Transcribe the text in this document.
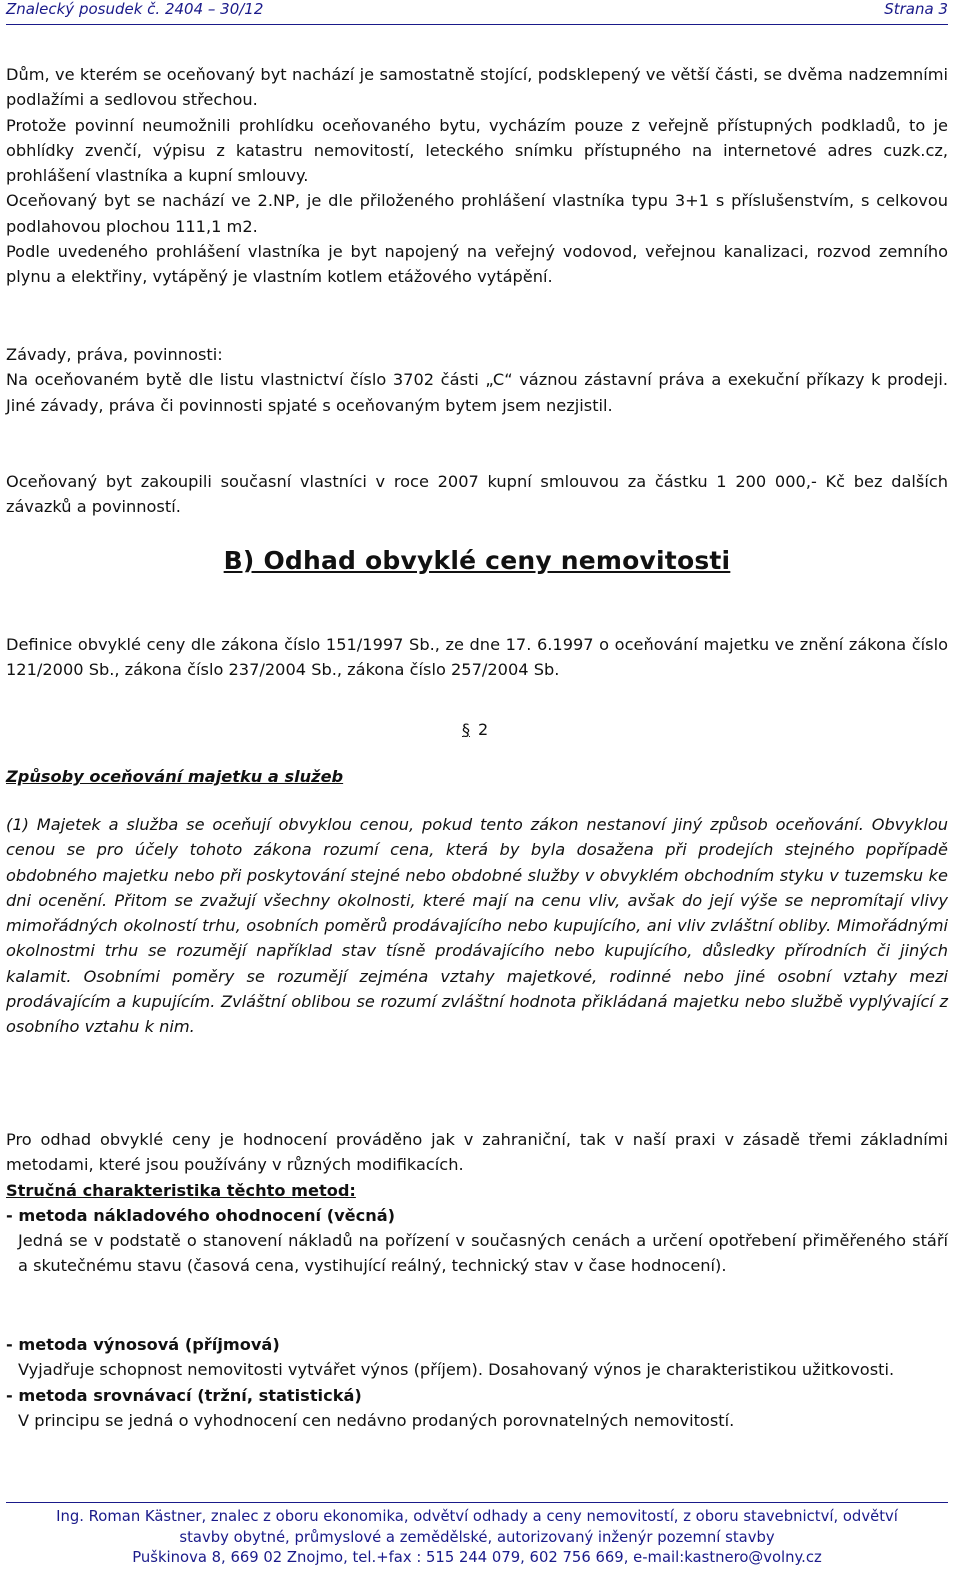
Znalecký posudek č. 2404 – 30/12	Strana 3

Dům, ve kterém se oceňovaný byt nachází je samostatně stojící, podsklepený ve větší části, se dvěma nadzemními podlažími a sedlovou střechou.

Protože povinní neumožnili prohlídku oceňovaného bytu, vycházím pouze z veřejně přístupných podkladů, to je obhlídky zvenčí, výpisu z katastru nemovitostí, leteckého snímku přístupného na internetové adres cuzk.cz, prohlášení vlastníka a kupní smlouvy.

Oceňovaný byt se nachází ve 2.NP, je dle přiloženého prohlášení vlastníka typu 3+1 s příslušenstvím, s celkovou podlahovou plochou 111,1 m2.

Podle uvedeného prohlášení vlastníka je byt napojený na veřejný vodovod, veřejnou kanalizaci, rozvod zemního plynu a elektřiny, vytápěný je vlastním kotlem etážového vytápění.

Závady, práva, povinnosti:

Na oceňovaném bytě dle listu vlastnictví číslo 3702 části „C“ váznou zástavní práva a exekuční příkazy k prodeji. Jiné závady, práva či povinnosti spjaté s oceňovaným bytem jsem nezjistil.

Oceňovaný byt zakoupili současní vlastníci v roce 2007 kupní smlouvou za částku 1 200 000,- Kč bez dalších závazků a povinností.

B) Odhad obvyklé ceny nemovitosti

Definice obvyklé ceny dle zákona číslo 151/1997 Sb., ze dne 17. 6.1997 o oceňování majetku ve znění zákona číslo 121/2000 Sb., zákona číslo 237/2004 Sb., zákona číslo 257/2004 Sb.

§ 2

Způsoby oceňování majetku a služeb

(1) Majetek a služba se oceňují obvyklou cenou, pokud tento zákon nestanoví jiný způsob oceňování. Obvyklou cenou se pro účely tohoto zákona rozumí cena, která by byla dosažena při prodejích stejného popřípadě obdobného majetku nebo při poskytování stejné nebo obdobné služby v obvyklém obchodním styku v tuzemsku ke dni ocenění. Přitom se zvažují všechny okolnosti, které mají na cenu vliv, avšak do její výše se nepromítají vlivy mimořádných okolností trhu, osobních poměrů prodávajícího nebo kupujícího, ani vliv zvláštní obliby. Mimořádnými okolnostmi trhu se rozumějí například stav tísně prodávajícího nebo kupujícího, důsledky přírodních či jiných kalamit. Osobními poměry se rozumějí zejména vztahy majetkové, rodinné nebo jiné osobní vztahy mezi prodávajícím a kupujícím. Zvláštní oblibou se rozumí zvláštní hodnota přikládaná majetku nebo službě vyplývající z osobního vztahu k nim.

Pro odhad obvyklé ceny je hodnocení prováděno jak v zahraniční, tak v naší praxi v zásadě třemi základními metodami, které jsou používány v různých modifikacích.

Stručná charakteristika těchto metod:

- metoda nákladového ohodnocení (věcná)

Jedná se v podstatě o stanovení nákladů na pořízení v současných cenách a určení opotřebení přiměřeného stáří a skutečnému stavu (časová cena, vystihující reálný, technický stav v čase hodnocení).

- metoda výnosová (příjmová)

Vyjadřuje schopnost nemovitosti vytvářet výnos (příjem). Dosahovaný výnos je charakteristikou užitkovosti.

- metoda srovnávací (tržní, statistická)

V principu se jedná o vyhodnocení cen nedávno prodaných porovnatelných nemovitostí.

Ing. Roman Kästner, znalec z oboru ekonomika, odvětví odhady a ceny nemovitostí, z oboru stavebnictví, odvětví
stavby obytné, průmyslové a zemědělské, autorizovaný inženýr pozemní stavby
Puškinova 8, 669 02 Znojmo, tel.+fax : 515 244 079, 602 756 669, e-mail:kastnero@volny.cz
